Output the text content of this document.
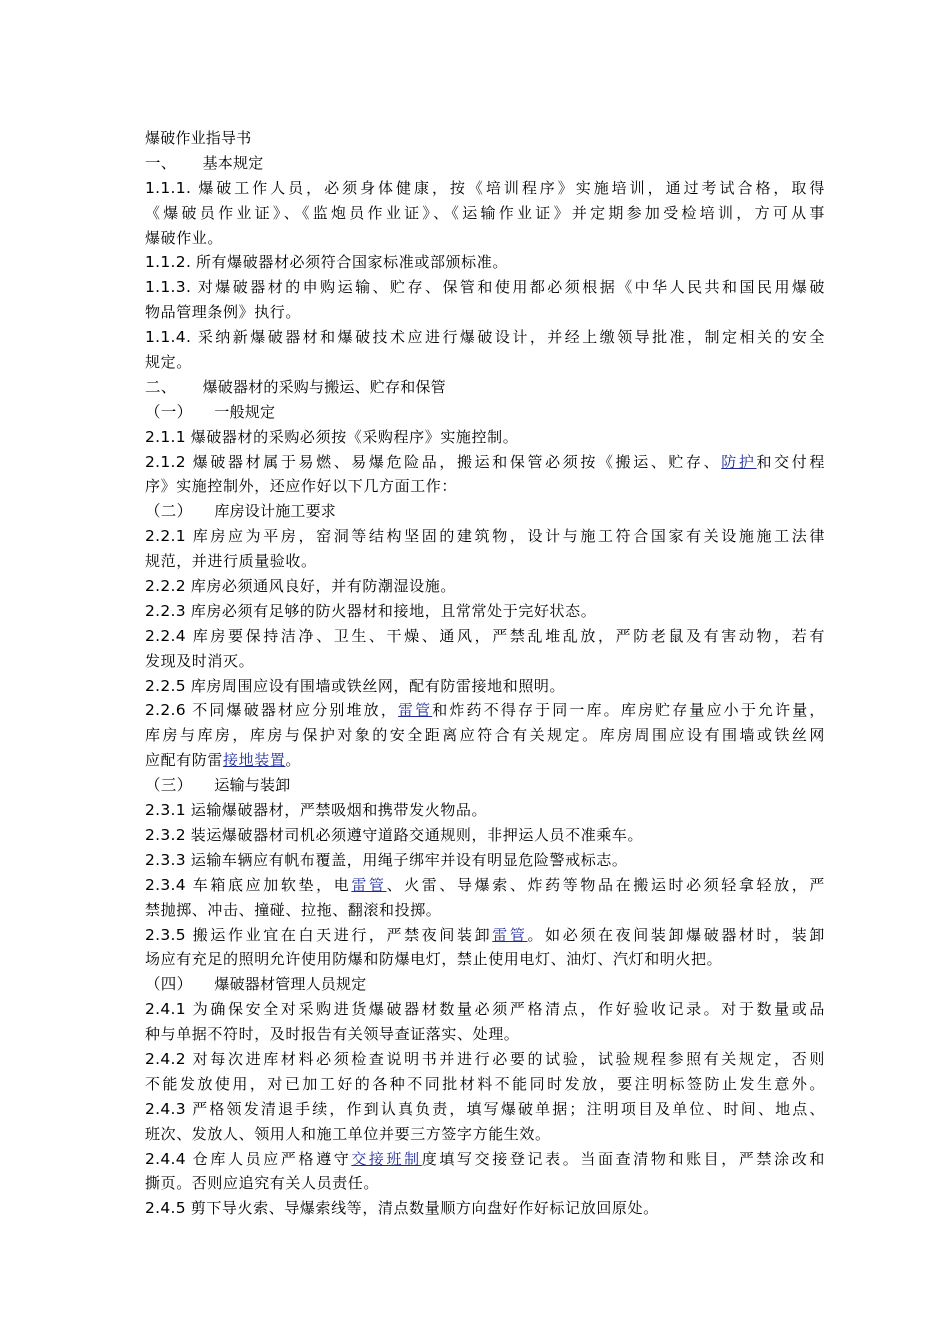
爆破作业指导书
一、 基本规定
1.1.1. 爆破工作人员，必须身体健康，按《培训程序》实施培训，通过考试合格，取得
《爆破员作业证》、《监炮员作业证》、《运输作业证》并定期参加受检培训，方可从事
爆破作业。
1.1.2. 所有爆破器材必须符合国家标准或部颁标准。
1.1.3. 对爆破器材的申购运输、贮存、保管和使用都必须根据《中华人民共和国民用爆破
物品管理条例》执行。
1.1.4. 采纳新爆破器材和爆破技术应进行爆破设计，并经上缴领导批准，制定相关的安全
规定。
二、 爆破器材的采购与搬运、贮存和保管
（一） 一般规定
2.1.1 爆破器材的采购必须按《采购程序》实施控制。
2.1.2 爆破器材属于易燃、易爆危险品，搬运和保管必须按《搬运、贮存、防护和交付程
序》实施控制外，还应作好以下几方面工作：
（二） 库房设计施工要求
2.2.1 库房应为平房，窑洞等结构坚固的建筑物，设计与施工符合国家有关设施施工法律
规范，并进行质量验收。
2.2.2 库房必须通风良好，并有防潮湿设施。
2.2.3 库房必须有足够的防火器材和接地，且常常处于完好状态。
2.2.4 库房要保持洁净、卫生、干燥、通风，严禁乱堆乱放，严防老鼠及有害动物，若有
发现及时消灭。
2.2.5 库房周围应设有围墙或铁丝网，配有防雷接地和照明。
2.2.6 不同爆破器材应分别堆放，雷管和炸药不得存于同一库。库房贮存量应小于允许量，
库房与库房，库房与保护对象的安全距离应符合有关规定。库房周围应设有围墙或铁丝网
应配有防雷接地装置。
（三） 运输与装卸
2.3.1 运输爆破器材，严禁吸烟和携带发火物品。
2.3.2 装运爆破器材司机必须遵守道路交通规则，非押运人员不准乘车。
2.3.3 运输车辆应有帆布覆盖，用绳子绑牢并设有明显危险警戒标志。
2.3.4 车箱底应加软垫，电雷管、火雷、导爆索、炸药等物品在搬运时必须轻拿轻放，严
禁抛掷、冲击、撞碰、拉拖、翻滚和投掷。
2.3.5 搬运作业宜在白天进行，严禁夜间装卸雷管。如必须在夜间装卸爆破器材时，装卸
场应有充足的照明允许使用防爆和防爆电灯，禁止使用电灯、油灯、汽灯和明火把。
（四） 爆破器材管理人员规定
2.4.1 为确保安全对采购进货爆破器材数量必须严格清点，作好验收记录。对于数量或品
种与单据不符时，及时报告有关领导查证落实、处理。
2.4.2 对每次进库材料必须检查说明书并进行必要的试验，试验规程参照有关规定，否则
不能发放使用，对已加工好的各种不同批材料不能同时发放，要注明标签防止发生意外。
2.4.3 严格领发清退手续，作到认真负责，填写爆破单据；注明项目及单位、时间、地点、
班次、发放人、领用人和施工单位并要三方签字方能生效。
2.4.4 仓库人员应严格遵守交接班制度填写交接登记表。当面查清物和账目，严禁涂改和
撕页。否则应追究有关人员责任。
2.4.5 剪下导火索、导爆索线等，清点数量顺方向盘好作好标记放回原处。
